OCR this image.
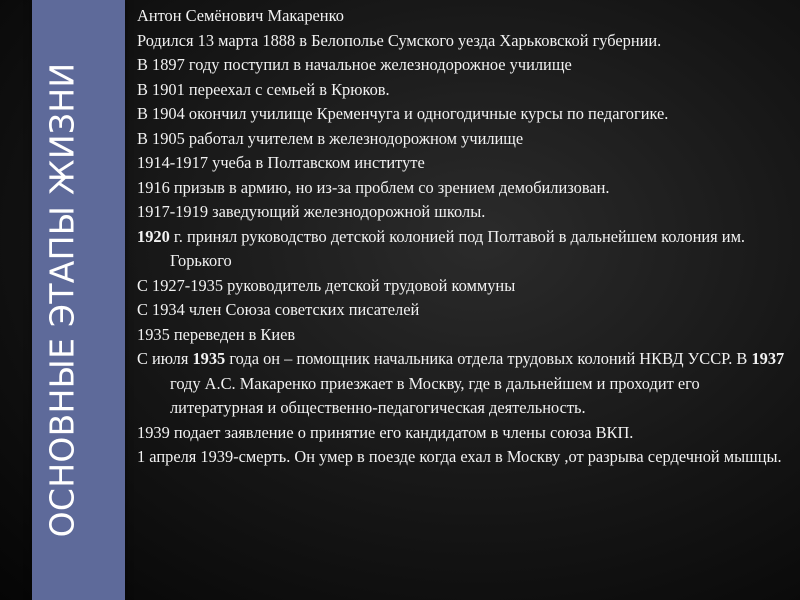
ОСНОВНЫЕ ЭТАПЫ ЖИЗНИ

Антон Семёнович Макаренко

Родился 13 марта 1888 в Белополье Сумского уезда Харьковской губернии.

В 1897 году поступил в начальное железнодорожное училище

В 1901 переехал с семьей в Крюков.

В 1904 окончил училище Кременчуга и одногодичные курсы по педагогике.

В 1905 работал учителем в железнодорожном училище

1914-1917 учеба в Полтавском институте

1916 призыв в армию, но из-за проблем со зрением демобилизован.

1917-1919 заведующий железнодорожной школы.

1920 г. принял руководство детской колонией под Полтавой в дальнейшем колония им. Горького

С 1927-1935 руководитель детской трудовой коммуны

С 1934 член Союза советских писателей

1935 переведен в Киев

С июля 1935 года он – помощник начальника отдела трудовых колоний НКВД УССР. В 1937 году А.С. Макаренко приезжает в Москву, где в дальнейшем и проходит его литературная и общественно-педагогическая деятельность.

1939 подает заявление о принятие его кандидатом в члены союза ВКП.

1 апреля 1939-смерть. Он умер в поезде когда ехал в Москву ,от разрыва сердечной мышцы.
